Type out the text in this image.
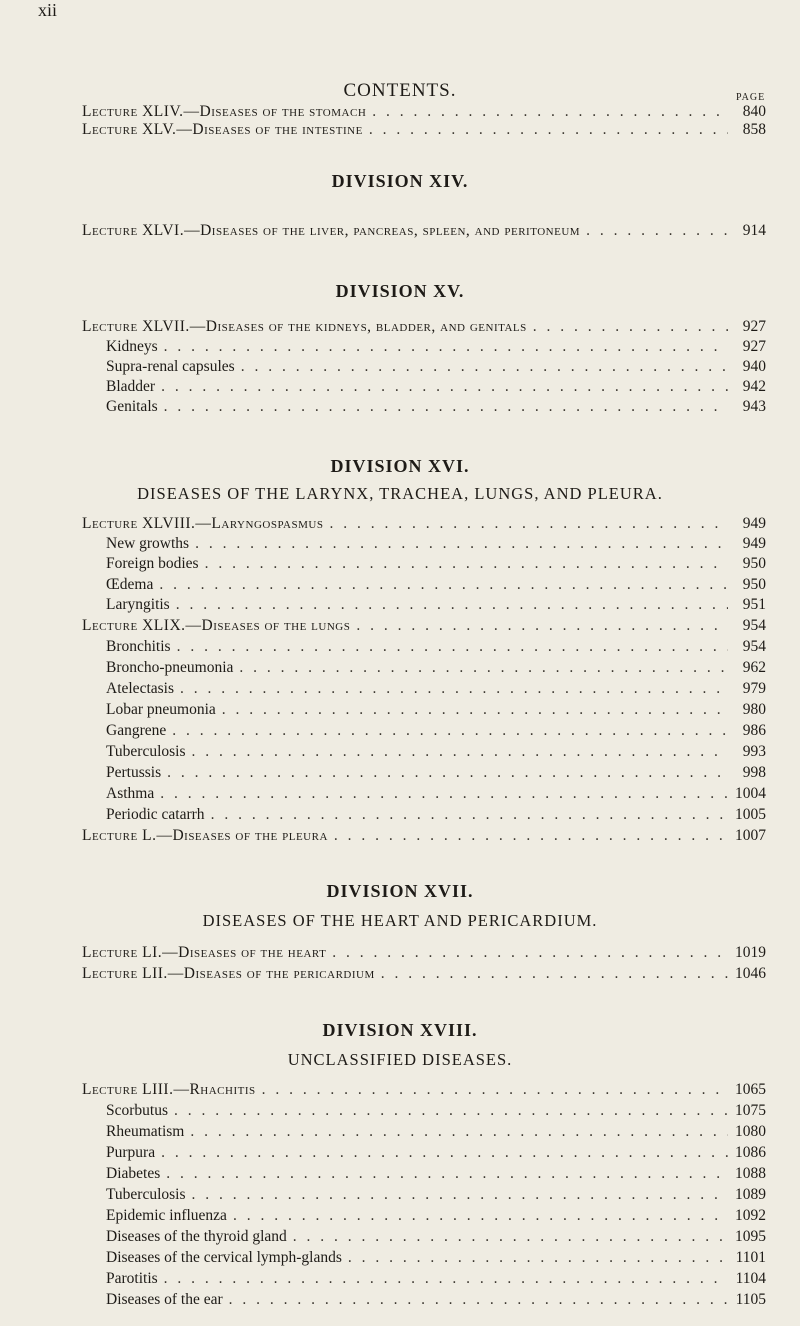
xii
CONTENTS.	PAGE
Lecture XLIV.—Diseases of the stomach . . .	840
Lecture XLV.—Diseases of the intestine . . .	858
DIVISION XIV.
Lecture XLVI.—Diseases of the liver, pancreas, spleen, and peritoneum . . .	914
DIVISION XV.
Lecture XLVII.—Diseases of the kidneys, bladder, and genitals . . .	927
Kidneys . . .	927
Supra-renal capsules . . .	940
Bladder . . .	942
Genitals . . .	943
DIVISION XVI.
DISEASES OF THE LARYNX, TRACHEA, LUNGS, AND PLEURA.
Lecture XLVIII.—Laryngospasmus . . .	949
New growths . . .	949
Foreign bodies . . .	950
Œdema . . .	950
Laryngitis . . .	951
Lecture XLIX.—Diseases of the lungs . . .	954
Bronchitis . . .	954
Broncho-pneumonia . . .	962
Atelectasis . . .	979
Lobar pneumonia . . .	980
Gangrene . . .	986
Tuberculosis . . .	993
Pertussis . . .	998
Asthma . . .	1004
Periodic catarrh . . .	1005
Lecture L.—Diseases of the pleura . . .	1007
DIVISION XVII.
DISEASES OF THE HEART AND PERICARDIUM.
Lecture LI.—Diseases of the heart . . .	1019
Lecture LII.—Diseases of the pericardium . . .	1046
DIVISION XVIII.
UNCLASSIFIED DISEASES.
Lecture LIII.—Rhachitis . . .	1065
Scorbutus . . .	1075
Rheumatism . . .	1080
Purpura . . .	1086
Diabetes . . .	1088
Tuberculosis . . .	1089
Epidemic influenza . . .	1092
Diseases of the thyroid gland . . .	1095
Diseases of the cervical lymph-glands . . .	1101
Parotitis . . .	1104
Diseases of the ear . . .	1105
